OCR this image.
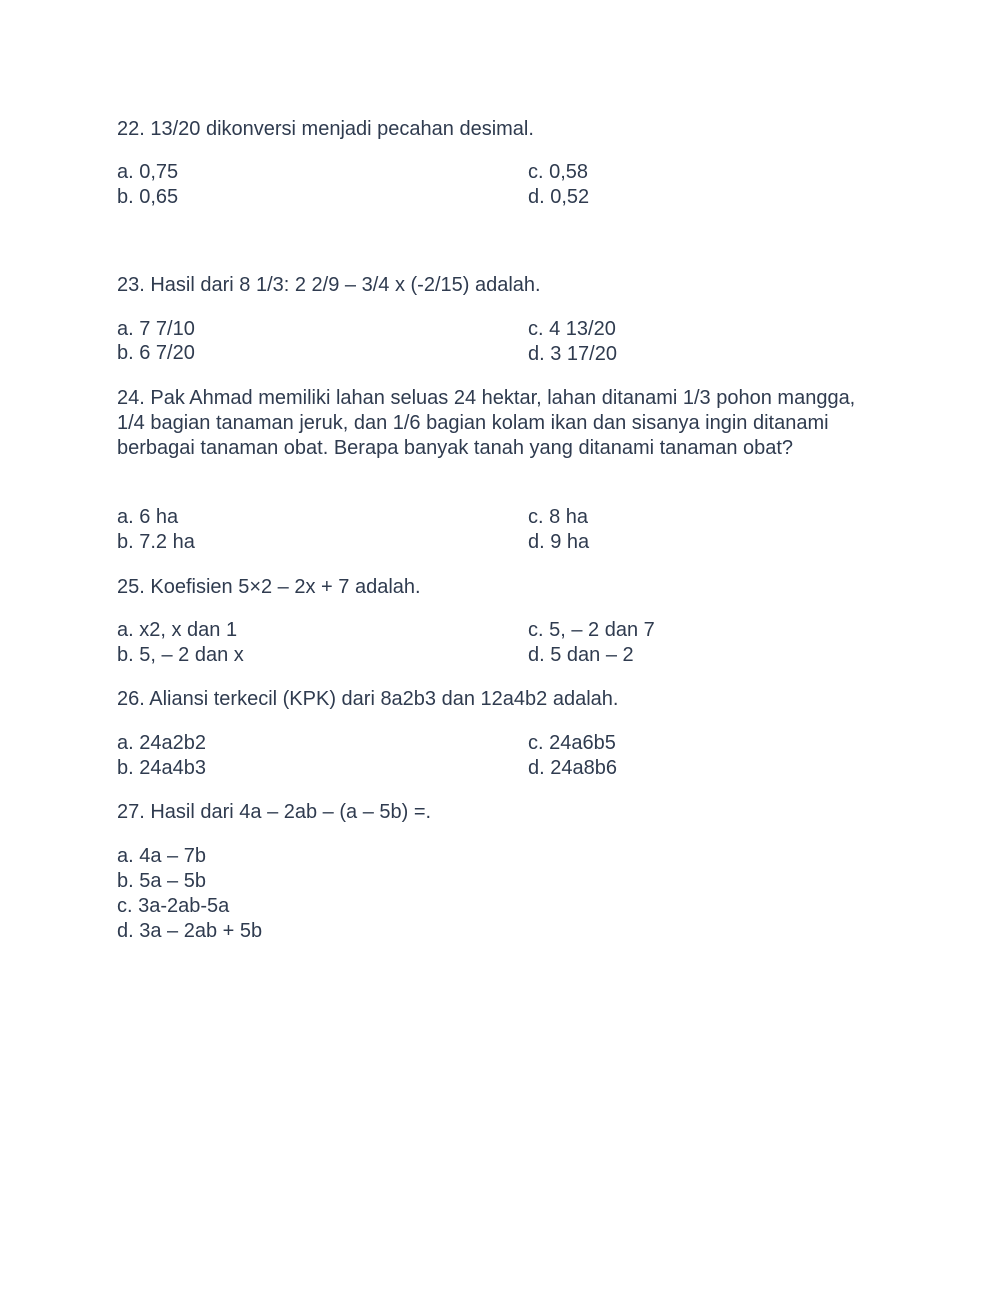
22. 13/20 dikonversi menjadi pecahan desimal.
a. 0,75
b. 0,65
c. 0,58
d. 0,52
23. Hasil dari 8 1/3: 2 2/9 – 3/4 x (-2/15) adalah.
a. 7 7/10
b. 6 7/20
c. 4 13/20
d. 3 17/20
24. Pak Ahmad memiliki lahan seluas 24 hektar, lahan ditanami 1/3 pohon mangga, 1/4 bagian tanaman jeruk, dan 1/6 bagian kolam ikan dan sisanya ingin ditanami berbagai tanaman obat. Berapa banyak tanah yang ditanami tanaman obat?
a. 6 ha
b. 7.2 ha
c. 8 ha
d. 9 ha
25. Koefisien 5×2 – 2x + 7 adalah.
a. x2, x dan 1
b. 5, – 2 dan x
c. 5, – 2 dan 7
d. 5 dan – 2
26. Aliansi terkecil (KPK) dari 8a2b3 dan 12a4b2 adalah.
a. 24a2b2
b. 24a4b3
c. 24a6b5
d. 24a8b6
27. Hasil dari 4a – 2ab – (a – 5b) =.
a. 4a – 7b
b. 5a – 5b
c. 3a-2ab-5a
d. 3a – 2ab + 5b
